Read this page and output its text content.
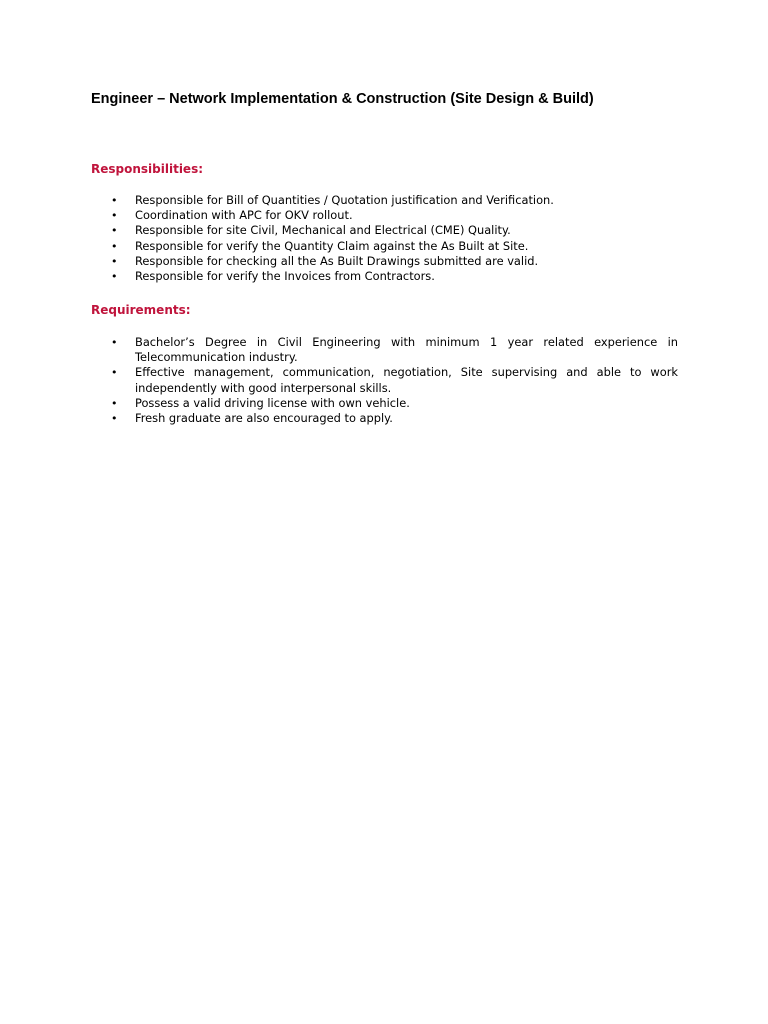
Engineer – Network Implementation & Construction (Site Design & Build)
Responsibilities:
• Responsible for Bill of Quantities / Quotation justification and Verification.
• Coordination with APC for OKV rollout.
• Responsible for site Civil, Mechanical and Electrical (CME) Quality.
• Responsible for verify the Quantity Claim against the As Built at Site.
• Responsible for checking all the As Built Drawings submitted are valid.
• Responsible for verify the Invoices from Contractors.
Requirements:
• Bachelor’s Degree in Civil Engineering with minimum 1 year related experience in Telecommunication industry.
• Effective management, communication, negotiation, Site supervising and able to work independently with good interpersonal skills.
• Possess a valid driving license with own vehicle.
• Fresh graduate are also encouraged to apply.
